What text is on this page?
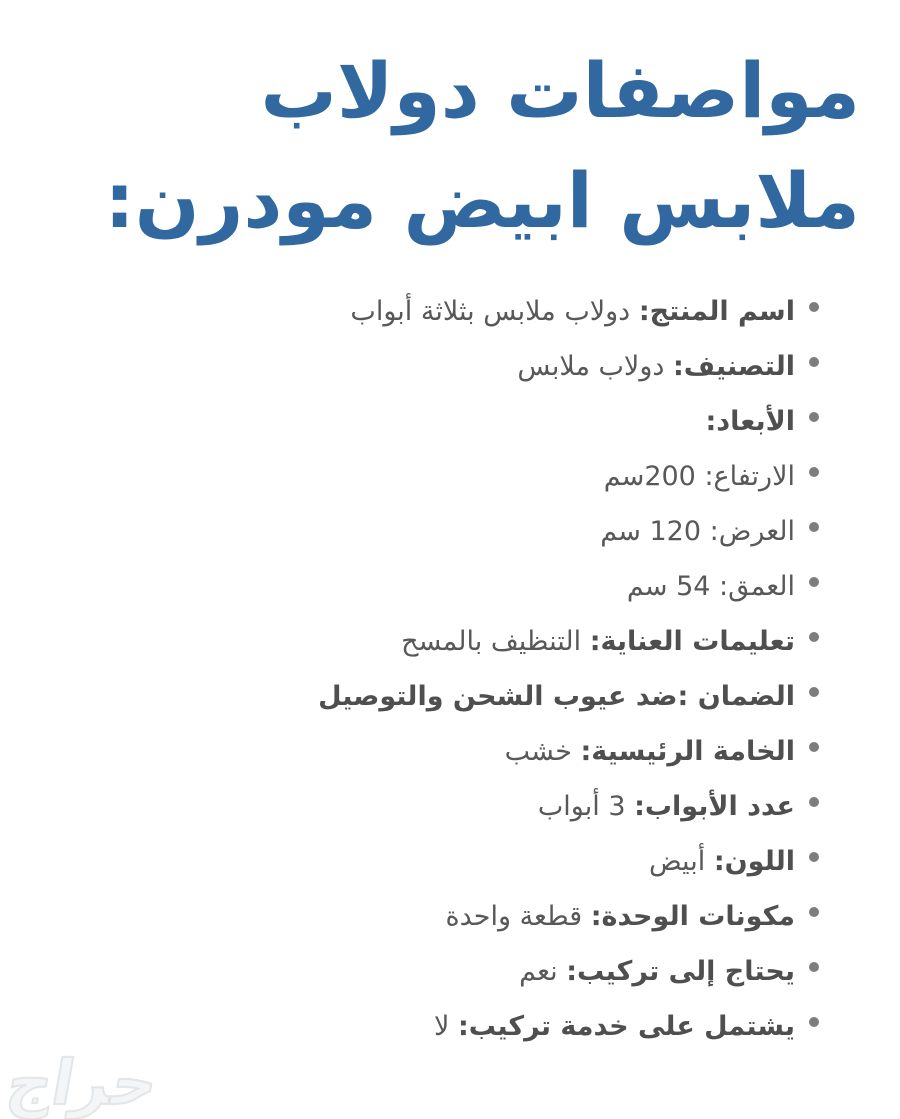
مواصفات دولاب
ملابس ابيض مودرن:
اسم المنتج: دولاب ملابس بثلاثة أبواب
التصنيف: دولاب ملابس
الأبعاد:
الارتفاع: 200سم
العرض: 120 سم
العمق: 54 سم
تعليمات العناية: التنظيف بالمسح
الضمان :ضد عيوب الشحن والتوصيل
الخامة الرئيسية: خشب
عدد الأبواب: 3 أبواب
اللون: أبيض
مكونات الوحدة: قطعة واحدة
يحتاج إلى تركيب: نعم
يشتمل على خدمة تركيب: لا
حراج
